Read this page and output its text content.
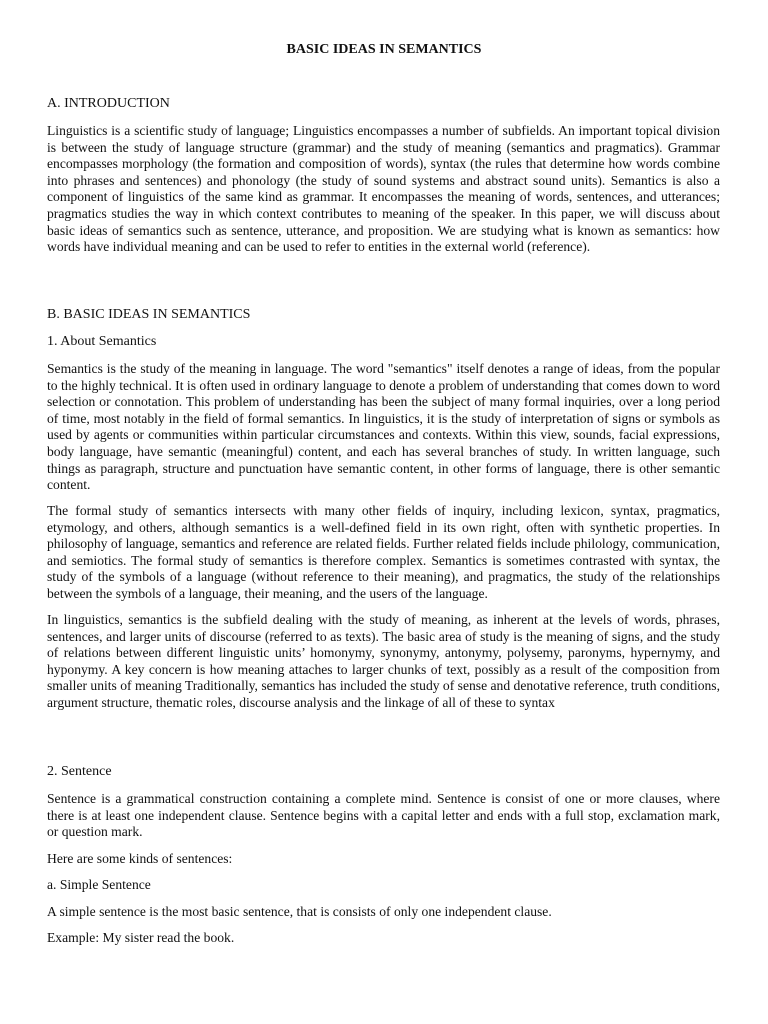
BASIC IDEAS IN SEMANTICS

A. INTRODUCTION

Linguistics is a scientific study of language; Linguistics encompasses a number of subfields. An important topical division is between the study of language structure (grammar) and the study of meaning (semantics and pragmatics). Grammar encompasses morphology (the formation and composition of words), syntax (the rules that determine how words combine into phrases and sentences) and phonology (the study of sound systems and abstract sound units). Semantics is also a component of linguistics of the same kind as grammar. It encompasses the meaning of words, sentences, and utterances; pragmatics studies the way in which context contributes to meaning of the speaker. In this paper, we will discuss about basic ideas of semantics such as sentence, utterance, and proposition. We are studying what is known as semantics: how words have individual meaning and can be used to refer to entities in the external world (reference).

B. BASIC IDEAS IN SEMANTICS

1. About Semantics

Semantics is the study of the meaning in language. The word "semantics" itself denotes a range of ideas, from the popular to the highly technical. It is often used in ordinary language to denote a problem of understanding that comes down to word selection or connotation. This problem of understanding has been the subject of many formal inquiries, over a long period of time, most notably in the field of formal semantics. In linguistics, it is the study of interpretation of signs or symbols as used by agents or communities within particular circumstances and contexts. Within this view, sounds, facial expressions, body language, have semantic (meaningful) content, and each has several branches of study. In written language, such things as paragraph, structure and punctuation have semantic content, in other forms of language, there is other semantic content.

The formal study of semantics intersects with many other fields of inquiry, including lexicon, syntax, pragmatics, etymology, and others, although semantics is a well-defined field in its own right, often with synthetic properties. In philosophy of language, semantics and reference are related fields. Further related fields include philology, communication, and semiotics. The formal study of semantics is therefore complex. Semantics is sometimes contrasted with syntax, the study of the symbols of a language (without reference to their meaning), and pragmatics, the study of the relationships between the symbols of a language, their meaning, and the users of the language.

In linguistics, semantics is the subfield dealing with the study of meaning, as inherent at the levels of words, phrases, sentences, and larger units of discourse (referred to as texts). The basic area of study is the meaning of signs, and the study of relations between different linguistic units’ homonymy, synonymy, antonymy, polysemy, paronyms, hypernymy, and hyponymy. A key concern is how meaning attaches to larger chunks of text, possibly as a result of the composition from smaller units of meaning Traditionally, semantics has included the study of sense and denotative reference, truth conditions, argument structure, thematic roles, discourse analysis and the linkage of all of these to syntax

2. Sentence

Sentence is a grammatical construction containing a complete mind. Sentence is consist of one or more clauses, where there is at least one independent clause. Sentence begins with a capital letter and ends with a full stop, exclamation mark, or question mark.

Here are some kinds of sentences:

a. Simple Sentence

A simple sentence is the most basic sentence, that is consists of only one independent clause.

Example: My sister read the book.
